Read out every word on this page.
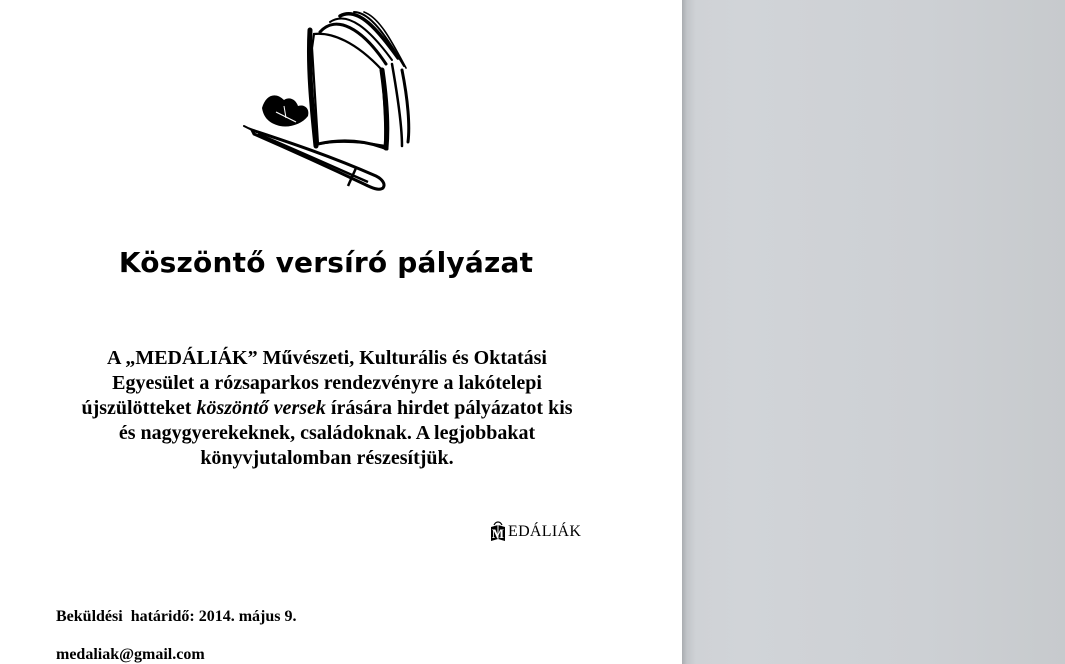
Köszöntő versíró pályázat
A „MEDÁLIÁK” Művészeti, Kulturális és Oktatási
Egyesület a rózsaparkos rendezvényre a lakótelepi
újszülötteket köszöntő versek írására hirdet pályázatot kis
és nagygyerekeknek, családoknak. A legjobbakat
könyvjutalomban részesítjük.
M EDÁLIÁK
Beküldési  határidő: 2014. május 9.
medaliak@gmail.com
